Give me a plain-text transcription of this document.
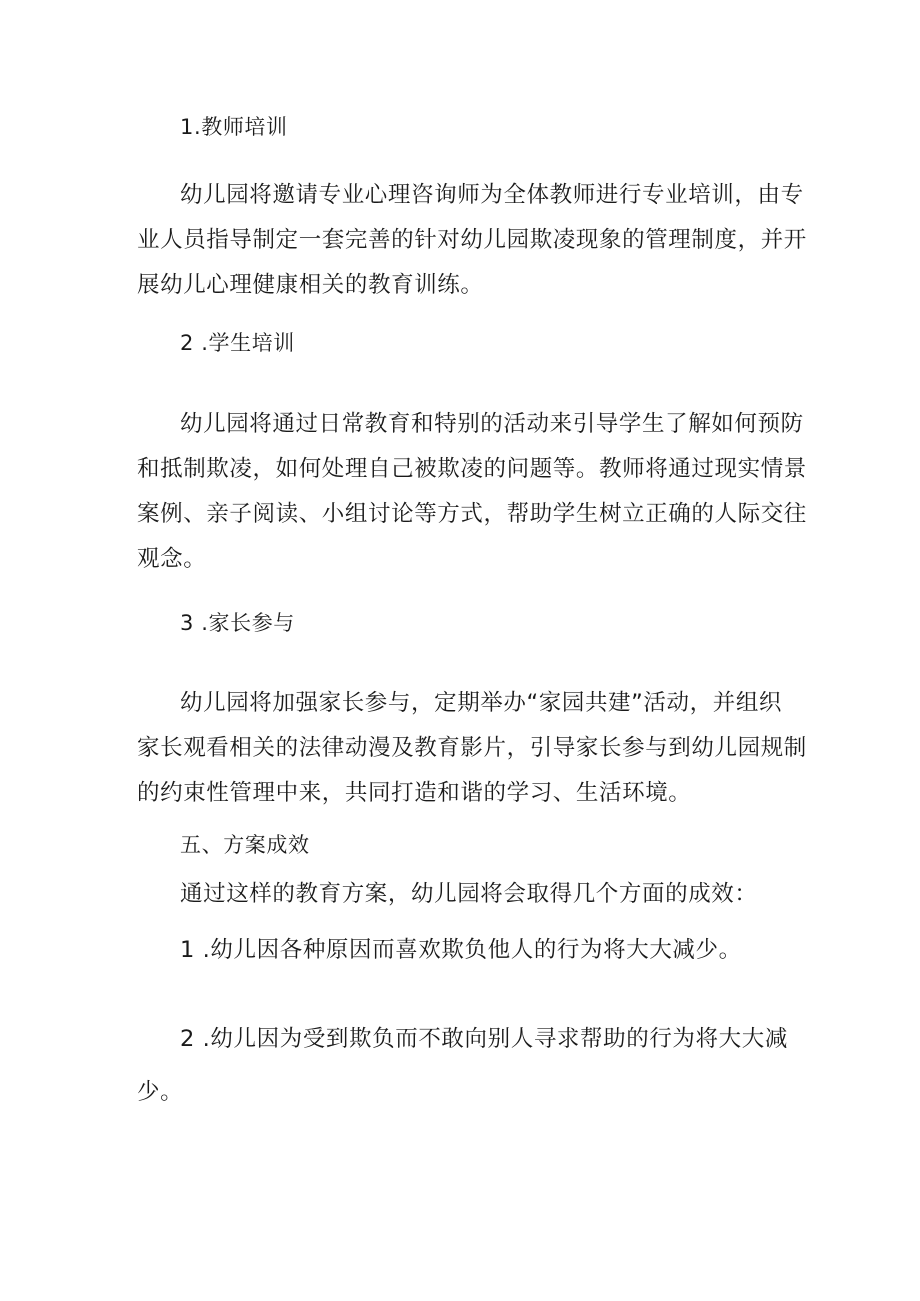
1.教师培训

幼儿园将邀请专业心理咨询师为全体教师进行专业培训，由专
业人员指导制定一套完善的针对幼儿园欺凌现象的管理制度，并开
展幼儿心理健康相关的教育训练。

2 .学生培训

幼儿园将通过日常教育和特别的活动来引导学生了解如何预防
和抵制欺凌，如何处理自己被欺凌的问题等。教师将通过现实情景
案例、亲子阅读、小组讨论等方式，帮助学生树立正确的人际交往
观念。

3 .家长参与

幼儿园将加强家长参与，定期举办“家园共建”活动，并组织
家长观看相关的法律动漫及教育影片，引导家长参与到幼儿园规制
的约束性管理中来，共同打造和谐的学习、生活环境。

五、方案成效

通过这样的教育方案，幼儿园将会取得几个方面的成效：

1 .幼儿因各种原因而喜欢欺负他人的行为将大大减少。

2 .幼儿因为受到欺负而不敢向别人寻求帮助的行为将大大减
少。
